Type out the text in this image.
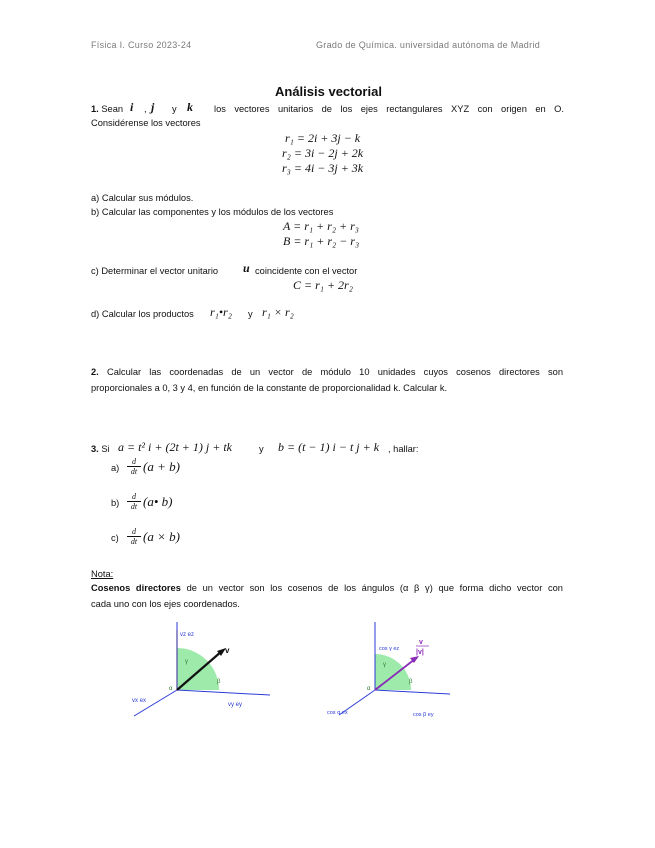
Física I. Curso 2023-24	Grado de Química. universidad autónoma de Madrid
Análisis vectorial
1. Sean i , j y k los vectores unitarios de los ejes rectangulares XYZ con origen en O.
Considérense los vectores
r₁ = 2i + 3j − k
r₂ = 3i − 2j + 2k
r₃ = 4i − 3j + 3k
a) Calcular sus módulos.
b) Calcular las componentes y los módulos de los vectores
A = r₁ + r₂ + r₃
B = r₁ + r₂ − r₃
c) Determinar el vector unitario u coincidente con el vector
C = r₁ + 2r₂
d) Calcular los productos r₁•r₂ y r₁ × r₂
2. Calcular las coordenadas de un vector de módulo 10 unidades cuyos cosenos directores son
proporcionales a 0, 3 y 4, en función de la constante de proporcionalidad k. Calcular k.
3. Si a = t² i + (2t + 1) j + tk	y b = (t − 1) i − t j + k , hallar:
$a) \frac{d}{dt} (a + b)$
$b) \frac{d}{dt}$ (a• b)
$c) \frac{d}{dt} (a \times b)$
Nota:
Cosenos directores de un vector son los cosenos de los ángulos (α β γ) que forma dicho vector con
cada uno con los ejes coordenados.
v
vz ez
vx ex
vy ey
α
β
γ
v
|v|
cos γ ez
cos α ex	cos β ey
α
β
γ
